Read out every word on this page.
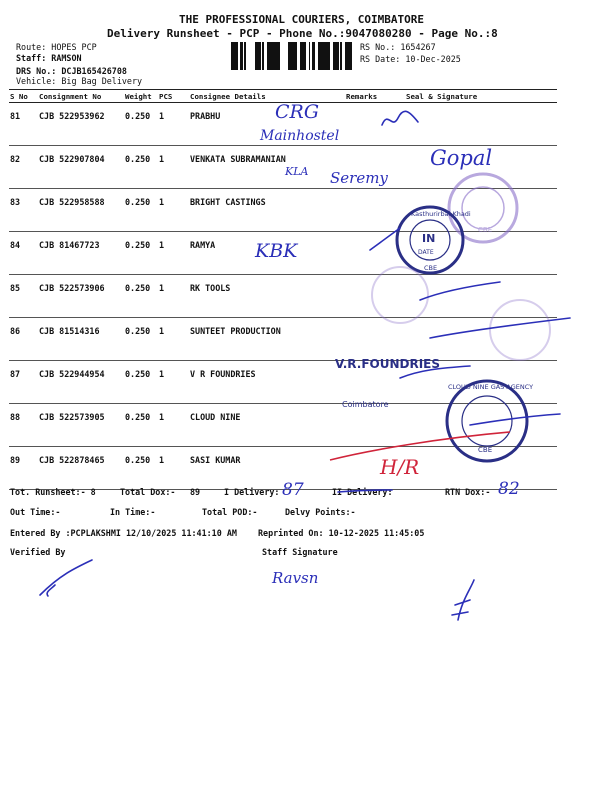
THE PROFESSIONAL COURIERS, COIMBATORE
Delivery Runsheet - PCP - Phone No.:9047080280 - Page No.:8
Route: HOPES PCP
Staff: RAMSON
DRS No.: DCJB165426708
Vehicle: Big Bag Delivery
RS No.: 1654267
RS Date: 10-Dec-2025
S No	Consignment No	Weight	PCS	Consignee Details	Remarks	Seal & Signature
81	CJB 522953962	0.250	1	PRABHU		
82	CJB 522907804	0.250	1	VENKATA SUBRAMANIAN		
83	CJB 522958588	0.250	1	BRIGHT CASTINGS		
84	CJB 81467723	0.250	1	RAMYA		
85	CJB 522573906	0.250	1	RK TOOLS		
86	CJB 81514316	0.250	1	SUNTEET PRODUCTION		
87	CJB 522944954	0.250	1	V R FOUNDRIES		
88	CJB 522573905	0.250	1	CLOUD NINE		
89	CJB 522878465	0.250	1	SASI KUMAR		
Tot. Runsheet:- 8	Total Dox:- 89	I Delivery:	II Delivery:	RTN Dox:-
Out Time:-	In Time:-	Total POD:-	Delvy Points:-
Entered By :PCPLAKSHMI 12/10/2025 11:41:10 AM	Reprinted On: 10-12-2025 11:45:05
Verified By	Staff Signature
CBE
Kasthurirbai Khadi
IN
DATE
CBE
V.R.FOUNDRIES
Coimbatore
CLOUD NINE GAS AGENCY
CBE
CRG
Mainhostel
KLA Seremy
Gopal
KBK
87	82
Ravsn
H/R
